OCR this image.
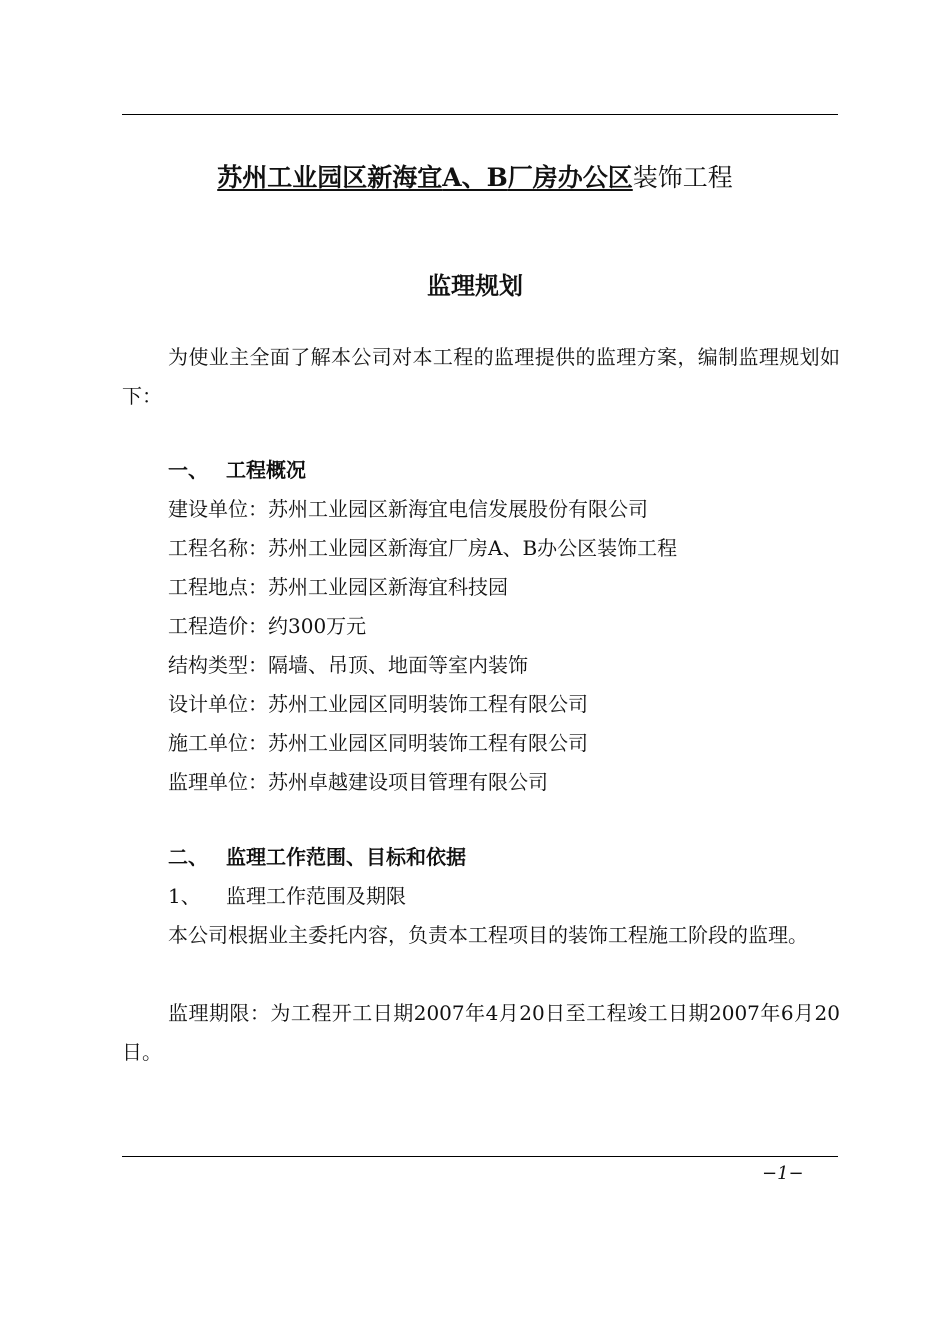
苏州工业园区新海宜A、B厂房办公区装饰工程
监理规划

为使业主全面了解本公司对本工程的监理提供的监理方案，编制监理规划如下：

一、 工程概况
建设单位：苏州工业园区新海宜电信发展股份有限公司
工程名称：苏州工业园区新海宜厂房A、B办公区装饰工程
工程地点：苏州工业园区新海宜科技园
工程造价：约300万元
结构类型：隔墙、吊顶、地面等室内装饰
设计单位：苏州工业园区同明装饰工程有限公司
施工单位：苏州工业园区同明装饰工程有限公司
监理单位：苏州卓越建设项目管理有限公司
二、 监理工作范围、目标和依据
1、 监理工作范围及期限

本公司根据业主委托内容，负责本工程项目的装饰工程施工阶段的监理。

监理期限：为工程开工日期2007年4月20日至工程竣工日期2007年6月20日。

−1−
